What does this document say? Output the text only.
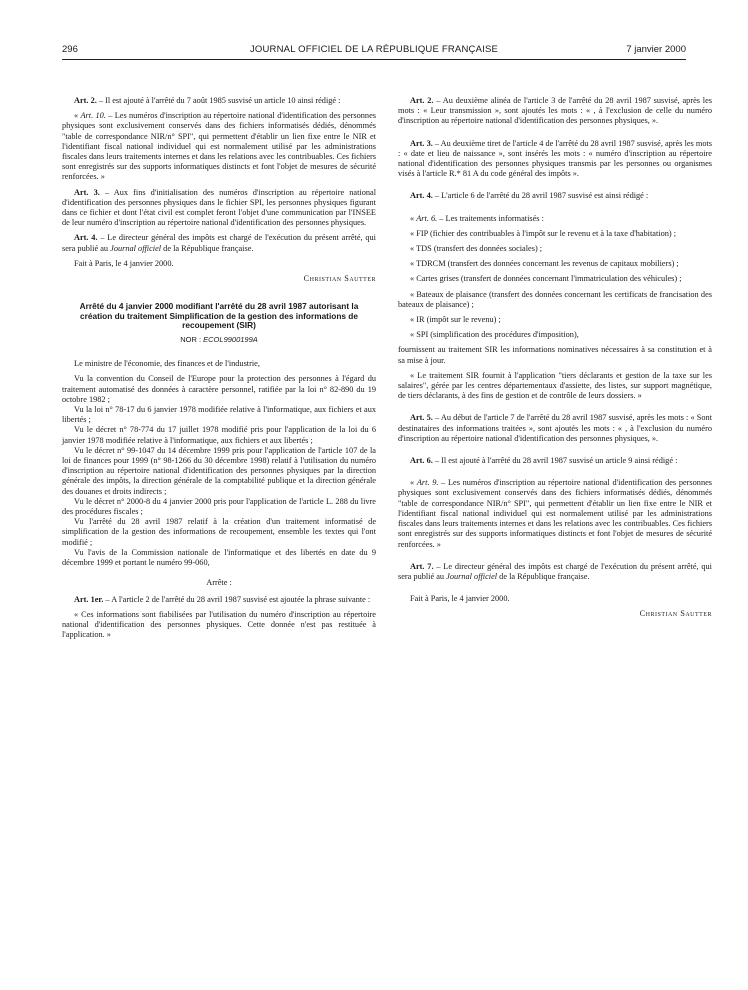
296	JOURNAL OFFICIEL DE LA RÉPUBLIQUE FRANÇAISE	7 janvier 2000

Art. 2. – Il est ajouté à l'arrêté du 7 août 1985 susvisé un article 10 ainsi rédigé :

« Art. 10. – Les numéros d'inscription au répertoire national d'identification des personnes physiques sont exclusivement conservés dans des fichiers informatisés dédiés, dénommés "table de correspondance NIR/n° SPI", qui permettent d'établir un lien fixe entre le NIR et l'identifiant fiscal national individuel qui est normalement utilisé par les administrations fiscales dans leurs traitements internes et dans les relations avec les contribuables. Ces fichiers sont enregistrés sur des supports informatiques distincts et font l'objet de mesures de sécurité renforcées. »

Art. 3. – Aux fins d'initialisation des numéros d'inscription au répertoire national d'identification des personnes physiques dans le fichier SPI, les personnes physiques figurant dans ce fichier et dont l'état civil est complet feront l'objet d'une communication par l'INSEE de leur numéro d'inscription au répertoire national d'identification des personnes physiques.

Art. 4. – Le directeur général des impôts est chargé de l'exécution du présent arrêté, qui sera publié au Journal officiel de la République française.

Fait à Paris, le 4 janvier 2000.

Christian Sautter
Arrêté du 4 janvier 2000 modifiant l'arrêté du 28 avril 1987 autorisant la création du traitement Simplification de la gestion des informations de recoupement (SIR)
NOR : ECOL9900199A

Le ministre de l'économie, des finances et de l'industrie,

Vu la convention du Conseil de l'Europe pour la protection des personnes à l'égard du traitement automatisé des données à caractère personnel, ratifiée par la loi n° 82-890 du 19 octobre 1982 ;

Vu la loi n° 78-17 du 6 janvier 1978 modifiée relative à l'informatique, aux fichiers et aux libertés ;

Vu le décret n° 78-774 du 17 juillet 1978 modifié pris pour l'application de la loi du 6 janvier 1978 modifiée relative à l'informatique, aux fichiers et aux libertés ;

Vu le décret n° 99-1047 du 14 décembre 1999 pris pour l'application de l'article 107 de la loi de finances pour 1999 (n° 98-1266 du 30 décembre 1998) relatif à l'utilisation du numéro d'inscription au répertoire national d'identification des personnes physiques par la direction générale des impôts, la direction générale de la comptabilité publique et la direction générale des douanes et droits indirects ;

Vu le décret n° 2000-8 du 4 janvier 2000 pris pour l'application de l'article L. 288 du livre des procédures fiscales ;

Vu l'arrêté du 28 avril 1987 relatif à la création d'un traitement informatisé de simplification de la gestion des informations de recoupement, ensemble les textes qui l'ont modifié ;

Vu l'avis de la Commission nationale de l'informatique et des libertés en date du 9 décembre 1999 et portant le numéro 99-060,

Arrête :

Art. 1er. – A l'article 2 de l'arrêté du 28 avril 1987 susvisé est ajoutée la phrase suivante :

« Ces informations sont fiabilisées par l'utilisation du numéro d'inscription au répertoire national d'identification des personnes physiques. Cette donnée n'est pas restituée à l'application. »

Art. 2. – Au deuxième alinéa de l'article 3 de l'arrêté du 28 avril 1987 susvisé, après les mots : « Leur transmission », sont ajoutés les mots : « , à l'exclusion de celle du numéro d'inscription au répertoire national d'identification des personnes physiques, ».

Art. 3. – Au deuxième tiret de l'article 4 de l'arrêté du 28 avril 1987 susvisé, après les mots : « date et lieu de naissance », sont insérés les mots : « numéro d'inscription au répertoire national d'identification des personnes physiques transmis par les personnes ou organismes visés à l'article R.* 81 A du code général des impôts ».

Art. 4. – L'article 6 de l'arrêté du 28 avril 1987 susvisé est ainsi rédigé :

« Art. 6. – Les traitements informatisés :

« FIP (fichier des contribuables à l'impôt sur le revenu et à la taxe d'habitation) ;

« TDS (transfert des données sociales) ;

« TDRCM (transfert des données concernant les revenus de capitaux mobiliers) ;

« Cartes grises (transfert de données concernant l'immatriculation des véhicules) ;

« Bateaux de plaisance (transfert des données concernant les certificats de francisation des bateaux de plaisance) ;

« IR (impôt sur le revenu) ;

« SPI (simplification des procédures d'imposition),

fournissent au traitement SIR les informations nominatives nécessaires à sa constitution et à sa mise à jour.

« Le traitement SIR fournit à l'application "tiers déclarants et gestion de la taxe sur les salaires", gérée par les centres départementaux d'assiette, des listes, sur support magnétique, de tiers déclarants, à des fins de gestion et de contrôle de leurs dossiers. »

Art. 5. – Au début de l'article 7 de l'arrêté du 28 avril 1987 susvisé, après les mots : « Sont destinataires des informations traitées », sont ajoutés les mots : « , à l'exclusion du numéro d'inscription au répertoire national d'identification des personnes physiques, ».

Art. 6. – Il est ajouté à l'arrêté du 28 avril 1987 susvisé un article 9 ainsi rédigé :

« Art. 9. – Les numéros d'inscription au répertoire national d'identification des personnes physiques sont exclusivement conservés dans des fichiers informatisés dédiés, dénommés "table de correspondance NIR/n° SPI", qui permettent d'établir un lien fixe entre le NIR et l'identifiant fiscal national individuel qui est normalement utilisé par les administrations fiscales dans leurs traitements internes et dans les relations avec les contribuables. Ces fichiers sont enregistrés sur des supports informatiques distincts et font l'objet de mesures de sécurité renforcées. »

Art. 7. – Le directeur général des impôts est chargé de l'exécution du présent arrêté, qui sera publié au Journal officiel de la République française.

Fait à Paris, le 4 janvier 2000.

Christian Sautter
